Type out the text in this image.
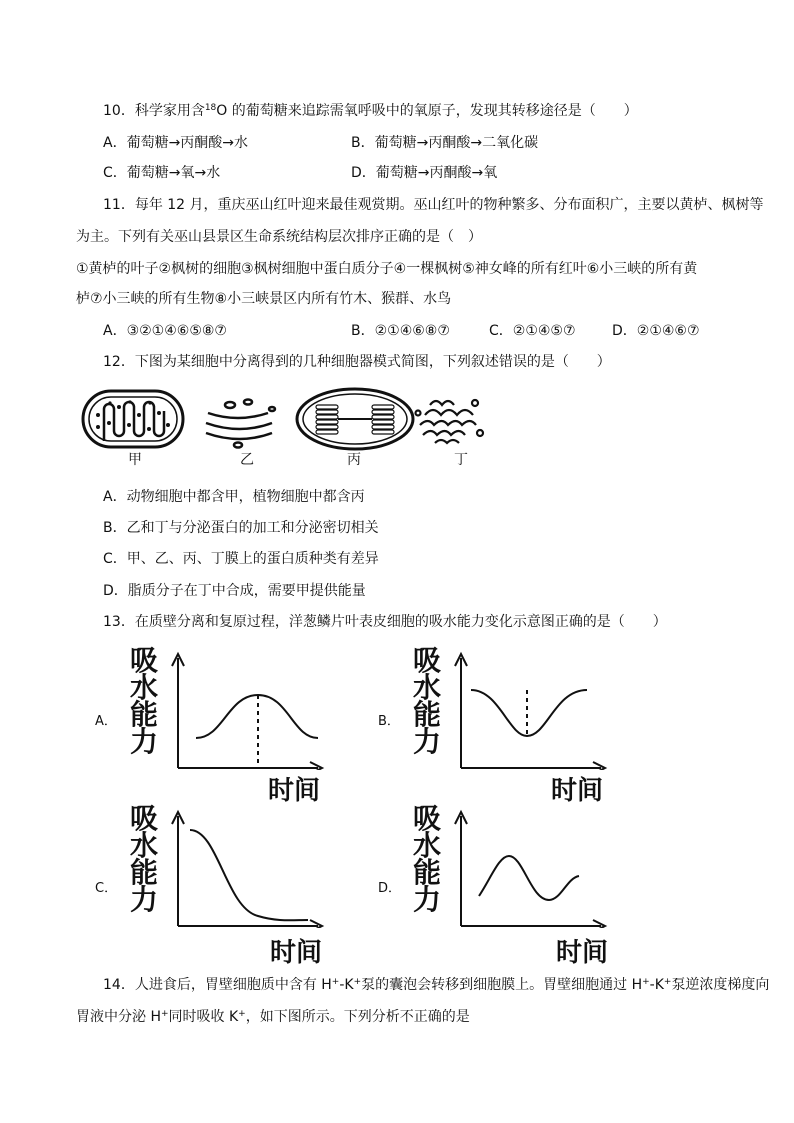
10．科学家用含$^{18}$O 的葡萄糖来追踪需氧呼吸中的氧原子，发现其转移途径是（　　）
A．葡萄糖→丙酮酸→水	B．葡萄糖→丙酮酸→二氧化碳
C．葡萄糖→氧→水	D．葡萄糖→丙酮酸→氧
11．每年 12 月，重庆巫山红叶迎来最佳观赏期。巫山红叶的物种繁多、分布面积广，主要以黄栌、枫树等
为主。下列有关巫山县景区生命系统结构层次排序正确的是（　）
①黄栌的叶子②枫树的细胞③枫树细胞中蛋白质分子④一棵枫树⑤神女峰的所有红叶⑥小三峡的所有黄
栌⑦小三峡的所有生物⑧小三峡景区内所有竹木、猴群、水鸟
A．③②①④⑥⑤⑧⑦	B．②①④⑥⑧⑦	C．②①④⑤⑦	D．②①④⑥⑦
12．下图为某细胞中分离得到的几种细胞器模式简图，下列叙述错误的是（　　）
甲	乙	丙	丁
A．动物细胞中都含甲，植物细胞中都含丙
B．乙和丁与分泌蛋白的加工和分泌密切相关
C．甲、乙、丙、丁膜上的蛋白质种类有差异
D．脂质分子在丁中合成，需要甲提供能量
13．在质壁分离和复原过程，洋葱鳞片叶表皮细胞的吸水能力变化示意图正确的是（　　）
A．
吸
水
能
力
时间
B．
吸
水
能
力
时间
C．
吸
水
能
力
时间
D．
吸
水
能
力
时间
14．人进食后，胃壁细胞质中含有 H+-K+泵的囊泡会转移到细胞膜上。胃壁细胞通过 H+-K+泵逆浓度梯度向
胃液中分泌 H+同时吸收 K+，如下图所示。下列分析不正确的是
